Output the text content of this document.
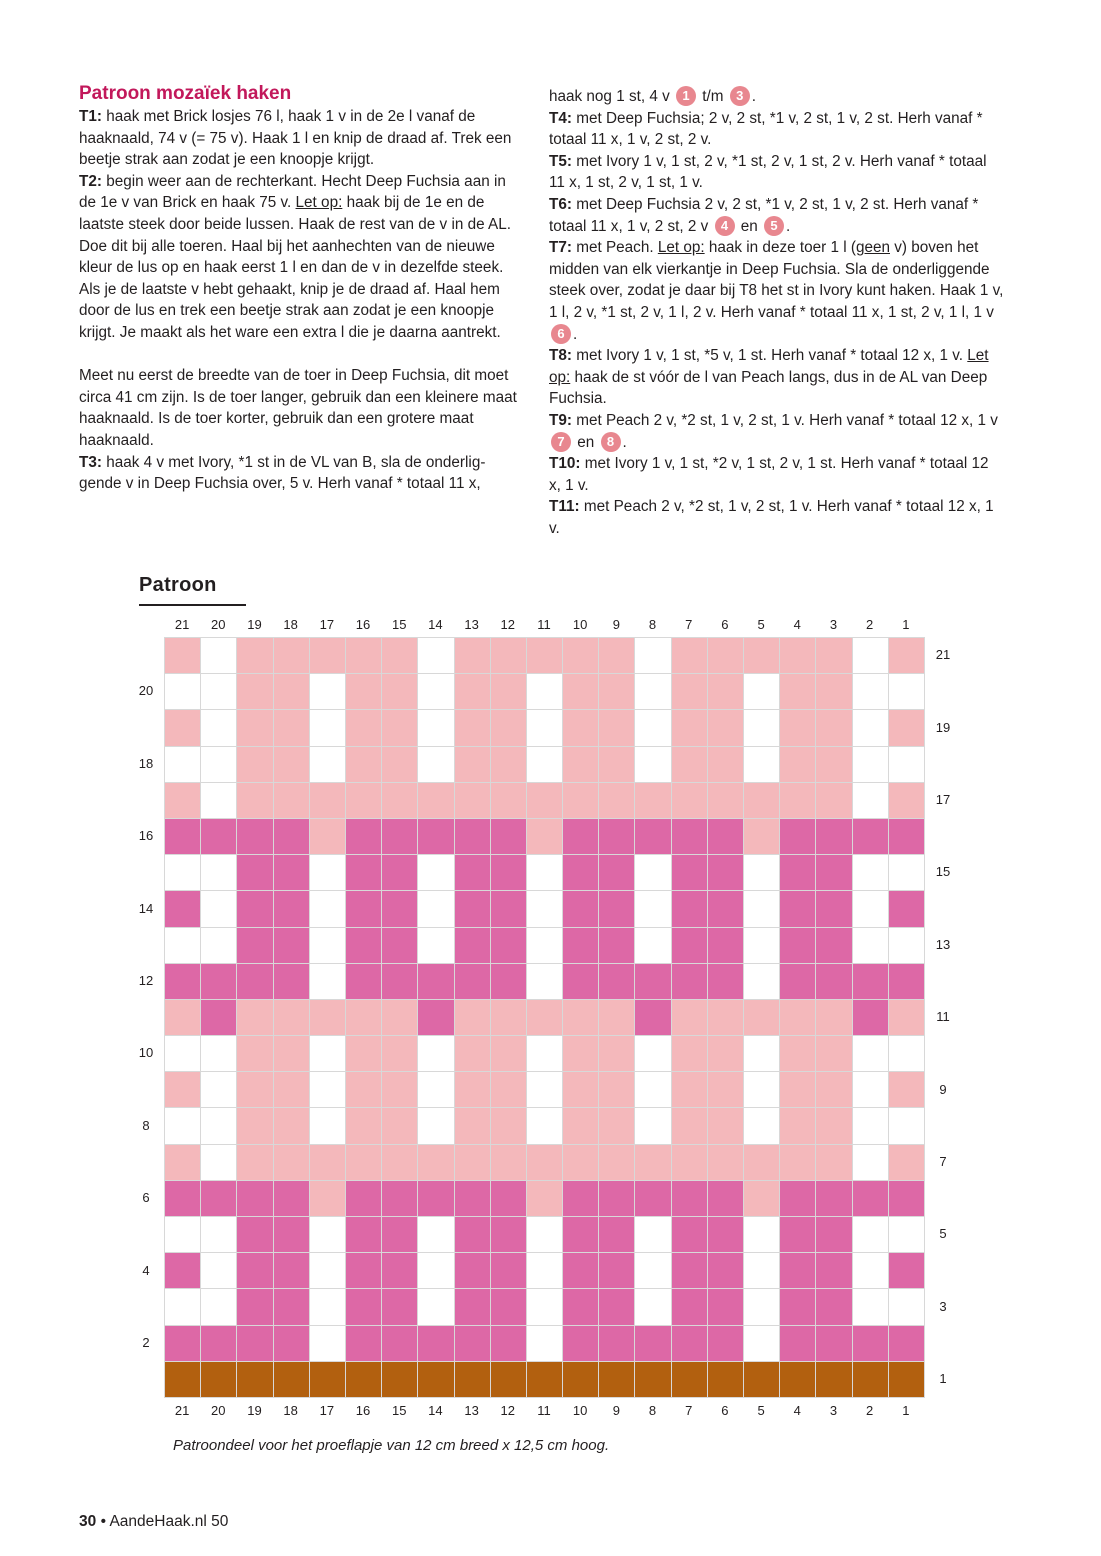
Patroon mozaïek haken
T1: haak met Brick losjes 76 l, haak 1 v in de 2e l vanaf de haaknaald, 74 v (= 75 v). Haak 1 l en knip de draad af. Trek een beetje strak aan zodat je een knoopje krijgt.
T2: begin weer aan de rechterkant. Hecht Deep Fuchsia aan in de 1e v van Brick en haak 75 v. Let op: haak bij de 1e en de laatste steek door beide lussen. Haak de rest van de v in de AL. Doe dit bij alle toeren. Haal bij het aanhechten van de nieuwe kleur de lus op en haak eerst 1 l en dan de v in dezelfde steek. Als je de laatste v hebt gehaakt, knip je de draad af. Haal hem door de lus en trek een beetje strak aan zodat je een knoopje krijgt. Je maakt als het ware een extra l die je daarna aantrekt.
Meet nu eerst de breedte van de toer in Deep Fuchsia, dit moet circa 41 cm zijn. Is de toer langer, gebruik dan een kleinere maat haaknaald. Is de toer korter, gebruik dan een grotere maat haaknaald.
T3: haak 4 v met Ivory, *1 st in de VL van B, sla de onderlig-gende v in Deep Fuchsia over, 5 v. Herh vanaf * totaal 11 x,
haak nog 1 st, 4 v 1 t/m 3 .
T4: met Deep Fuchsia; 2 v, 2 st, *1 v, 2 st, 1 v, 2 st. Herh vanaf * totaal 11 x, 1 v, 2 st, 2 v.
T5: met Ivory 1 v, 1 st, 2 v, *1 st, 2 v, 1 st, 2 v. Herh vanaf * totaal 11 x, 1 st, 2 v, 1 st, 1 v.
T6: met Deep Fuchsia 2 v, 2 st, *1 v, 2 st, 1 v, 2 st. Herh vanaf * totaal 11 x, 1 v, 2 st, 2 v 4 en 5 .
T7: met Peach. Let op: haak in deze toer 1 l (geen v) boven het midden van elk vierkantje in Deep Fuchsia. Sla de onderliggende steek over, zodat je daar bij T8 het st in Ivory kunt haken. Haak 1 v, 1 l, 2 v, *1 st, 2 v, 1 l, 2 v. Herh vanaf * totaal 11 x, 1 st, 2 v, 1 l, 1 v 6 .
T8: met Ivory 1 v, 1 st, *5 v, 1 st. Herh vanaf * totaal 12 x, 1 v. Let op: haak de st vóór de l van Peach langs, dus in de AL van Deep Fuchsia.
T9: met Peach 2 v, *2 st, 1 v, 2 st, 1 v. Herh vanaf * totaal 12 x, 1 v 7 en 8 .
T10: met Ivory 1 v, 1 st, *2 v, 1 st, 2 v, 1 st. Herh vanaf * totaal 12 x, 1 v.
T11: met Peach 2 v, *2 st, 1 v, 2 st, 1 v. Herh vanaf * totaal 12 x, 1 v.
Patroon
21	20	19	18	17	16	15	14	13	12	11	10	9	8	7	6	5	4	3	2	1
21	20	19	18	17	16	15	14	13	12	11	10	9	8	7	6	5	4	3	2	1
20
18
16
14
12
10
8
6
4
2
21
19
17
15
13
11
9
7
5
3
1
Patroondeel voor het proeflapje van 12 cm breed x 12,5 cm hoog.
30 • AandeHaak.nl 50
